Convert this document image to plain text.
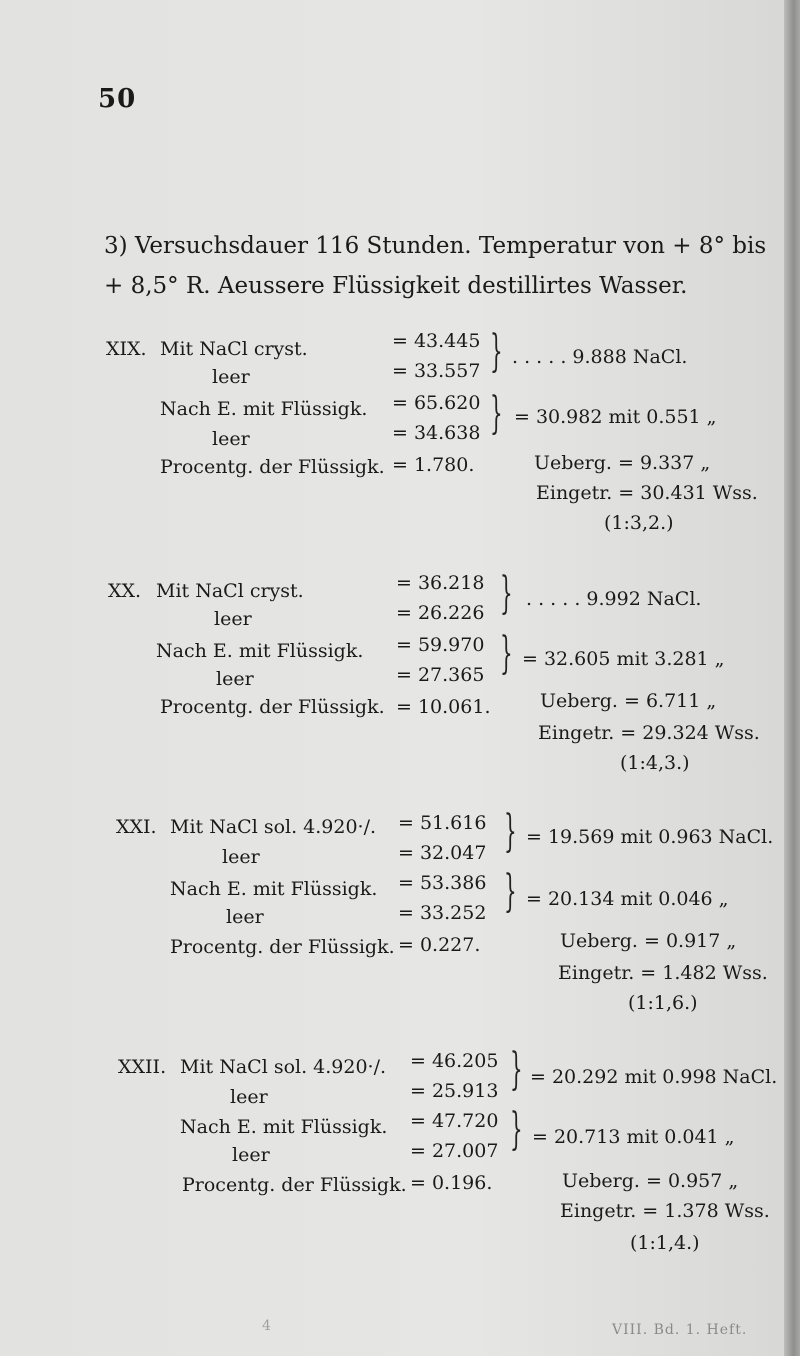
50
3) Versuchsdauer 116 Stunden. Temperatur von + 8° bis + 8,5° R. Aeussere Flüssigkeit destillirtes Wasser.
XIX. Mit NaCl cryst.	= 43.445
leer	= 33.557 } . . . . . 9.888 NaCl.
Nach E. mit Flüssigk. = 65.620
leer	= 34.638 } = 30.982 mit 0.551 „
Procentg. der Flüssigk. = 1.780.	Ueberg. = 9.337 „
Eingetr. = 30.431 Wss.
(1:3,2.)
XX. Mit NaCl cryst.	= 36.218
leer	= 26.226 } . . . . . 9.992 NaCl.
Nach E. mit Flüssigk. = 59.970
leer	= 27.365 } = 32.605 mit 3.281 „
Procentg. der Flüssigk. = 10.061.	Ueberg. = 6.711 „
Eingetr. = 29.324 Wss.
(1:4,3.)
XXI. Mit NaCl sol. 4.920·/. = 51.616
leer	= 32.047 } = 19.569 mit 0.963 NaCl.
Nach E. mit Flüssigk. = 53.386
leer	= 33.252 } = 20.134 mit 0.046 „
Procentg. der Flüssigk. = 0.227.	Ueberg. = 0.917 „
Eingetr. = 1.482 Wss.
(1:1,6.)
XXII. Mit NaCl sol. 4.920·/. = 46.205
leer	= 25.913 } = 20.292 mit 0.998 NaCl.
Nach E. mit Flüssigk. = 47.720
leer	= 27.007 } = 20.713 mit 0.041 „
Procentg. der Flüssigk. = 0.196.	Ueberg. = 0.957 „
Eingetr. = 1.378 Wss.
(1:1,4.)
4	VIII. Bd. 1. Heft.
